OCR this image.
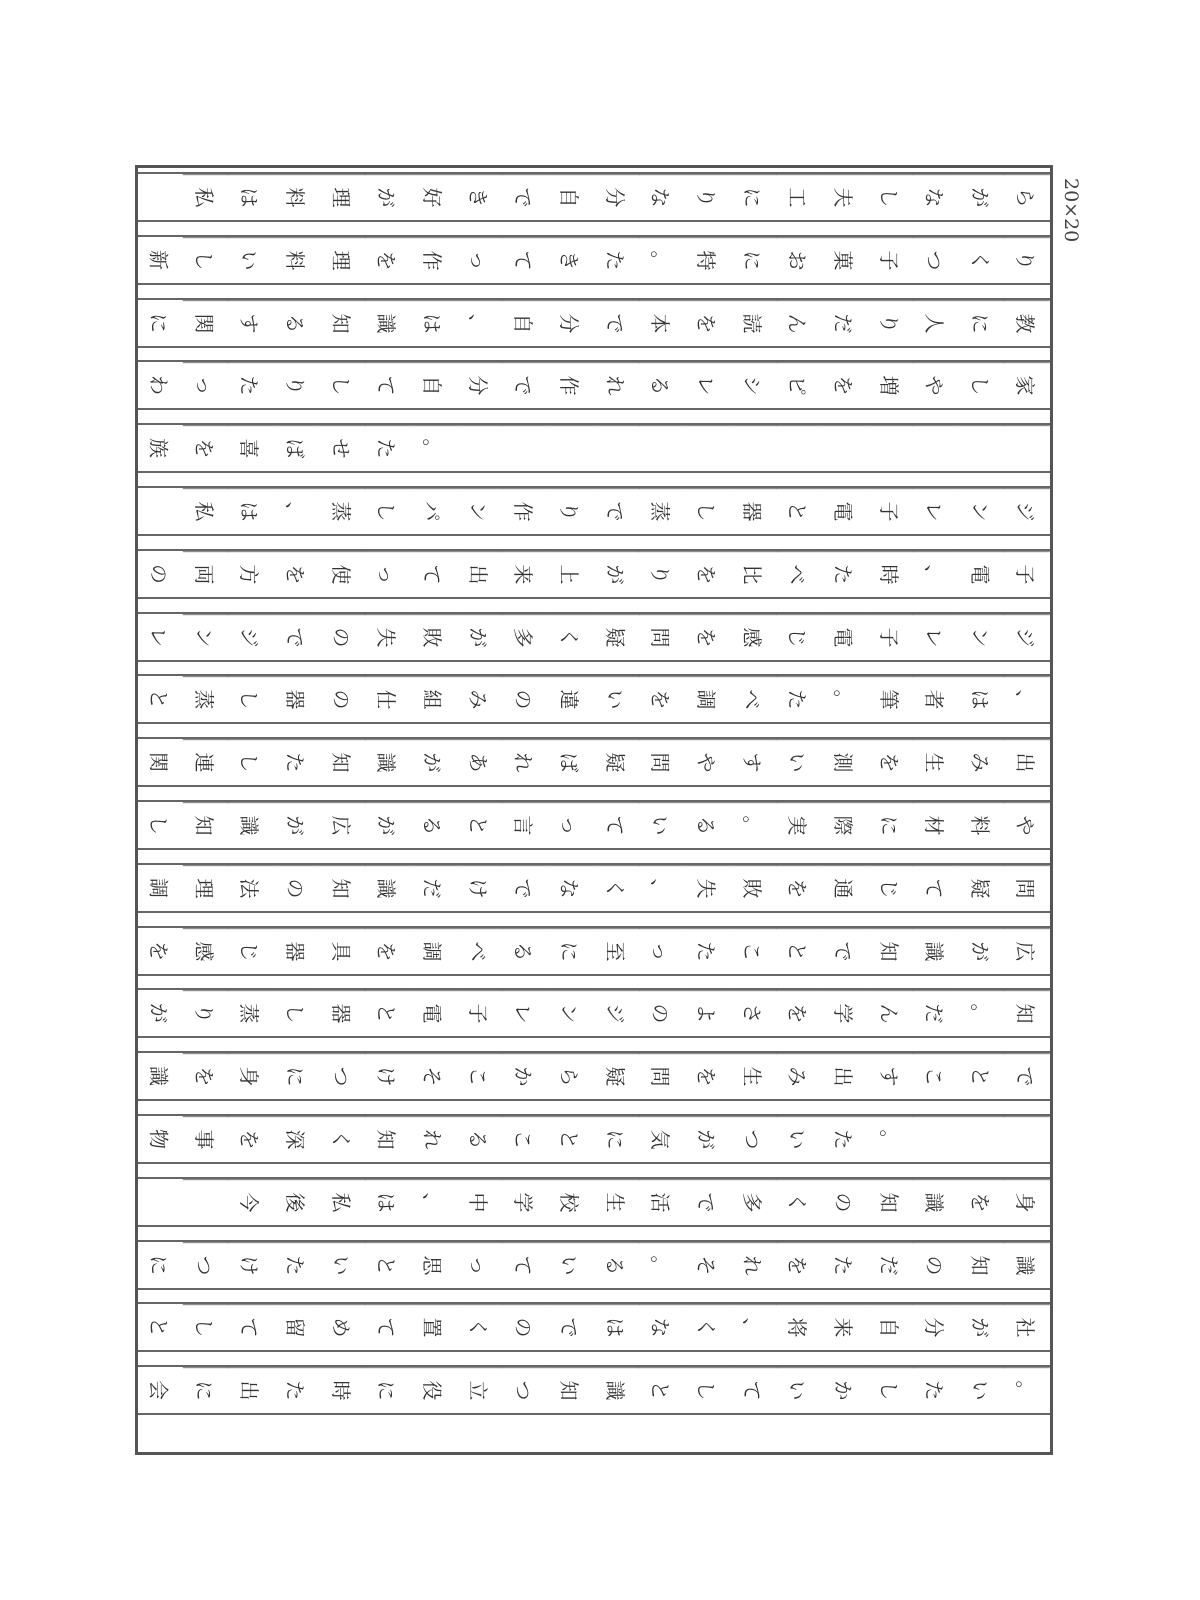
私	は	料	理	が	好	き	で	自	分	な	り	に	工	夫	し	な	が	ら
新	し	い	料	理	を	作	っ	て	き	た	。	特	に	お	菓	子	つ	く	り
に	関	す	る	知	識	は	、	自	分	で	本	を	読	ん	だ	り	人	に	教
わ	っ	た	り	し	て	自	分	で	作	れ	る	レ	シ	ピ	を	増	や	し	家
族	を	喜	ば	せ	た	。
私	は	、	蒸	し	パ	ン	作	り	で	蒸	し	器	と	電	子	レ	ン	ジ
の	両	方	を	使	っ	て	出	来	上	が	り	を	比	べ	た	時	、	電	子
レ	ン	ジ	で	の	失	敗	が	多	く	疑	問	を	感	じ	電	子	レ	ン	ジ
と	蒸	し	器	の	仕	組	み	の	違	い	を	調	べ	た	。	筆	者	は	、
関	連	し	た	知	識	が	あ	れ	ば	疑	問	や	す	い	測	を	生	み	出
し	知	識	が	広	が	る	と	言	っ	て	い	る	。	実	際	に	材	料	や
調	理	法	の	知	識	だ	け	で	な	く	、	失	敗	を	通	じ	て	疑	問
を	感	じ	器	具	を	調	べ	る	に	至	っ	た	こ	と	で	知	識	が	広
が	り	蒸	し	器	と	電	子	レ	ン	ジ	の	よ	さ	を	学	ん	だ	。	知
識	を	身	に	つ	け	そ	こ	か	ら	疑	問	を	生	み	出	す	こ	と	で
物	事	を	深	く	知	れ	る	こ	と	に	気	が	つ	い	た	。
今	後	私	は	、	中	学	校	生	活	で	多	く	の	知	識	を	身
に	つ	け	た	い	と	思	っ	て	い	る	。	そ	れ	を	た	だ	の	知	識
と	し	て	留	め	て	置	く	の	で	は	な	く	、	将	来	自	分	が	社
会	に	出	た	時	に	役	立	つ	知	識	と	し	て	い	か	し	た	い	。
20×20
